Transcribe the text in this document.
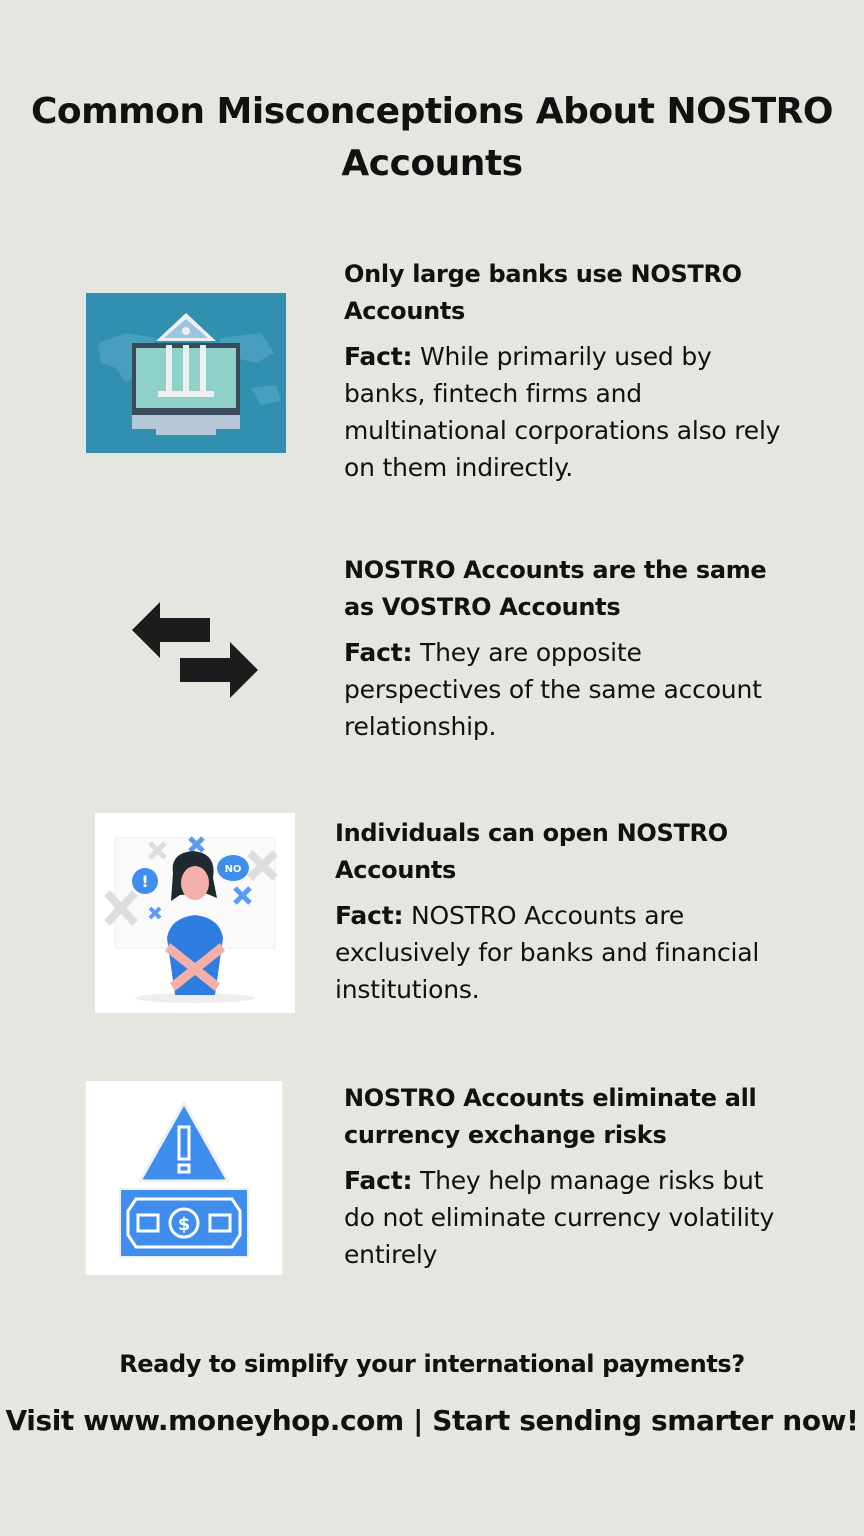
Common Misconceptions About NOSTRO Accounts
Only large banks use NOSTRO Accounts
Fact: While primarily used by banks, fintech firms and multinational corporations also rely on them indirectly.
NOSTRO Accounts are the same as VOSTRO Accounts
Fact: They are opposite perspectives of the same account relationship.
!
NO
Individuals can open NOSTRO Accounts
Fact: NOSTRO Accounts are exclusively for banks and financial institutions.
$
NOSTRO Accounts eliminate all currency exchange risks
Fact: They help manage risks but do not eliminate currency volatility entirely
Ready to simplify your international payments?
Visit www.moneyhop.com | Start sending smarter now!
